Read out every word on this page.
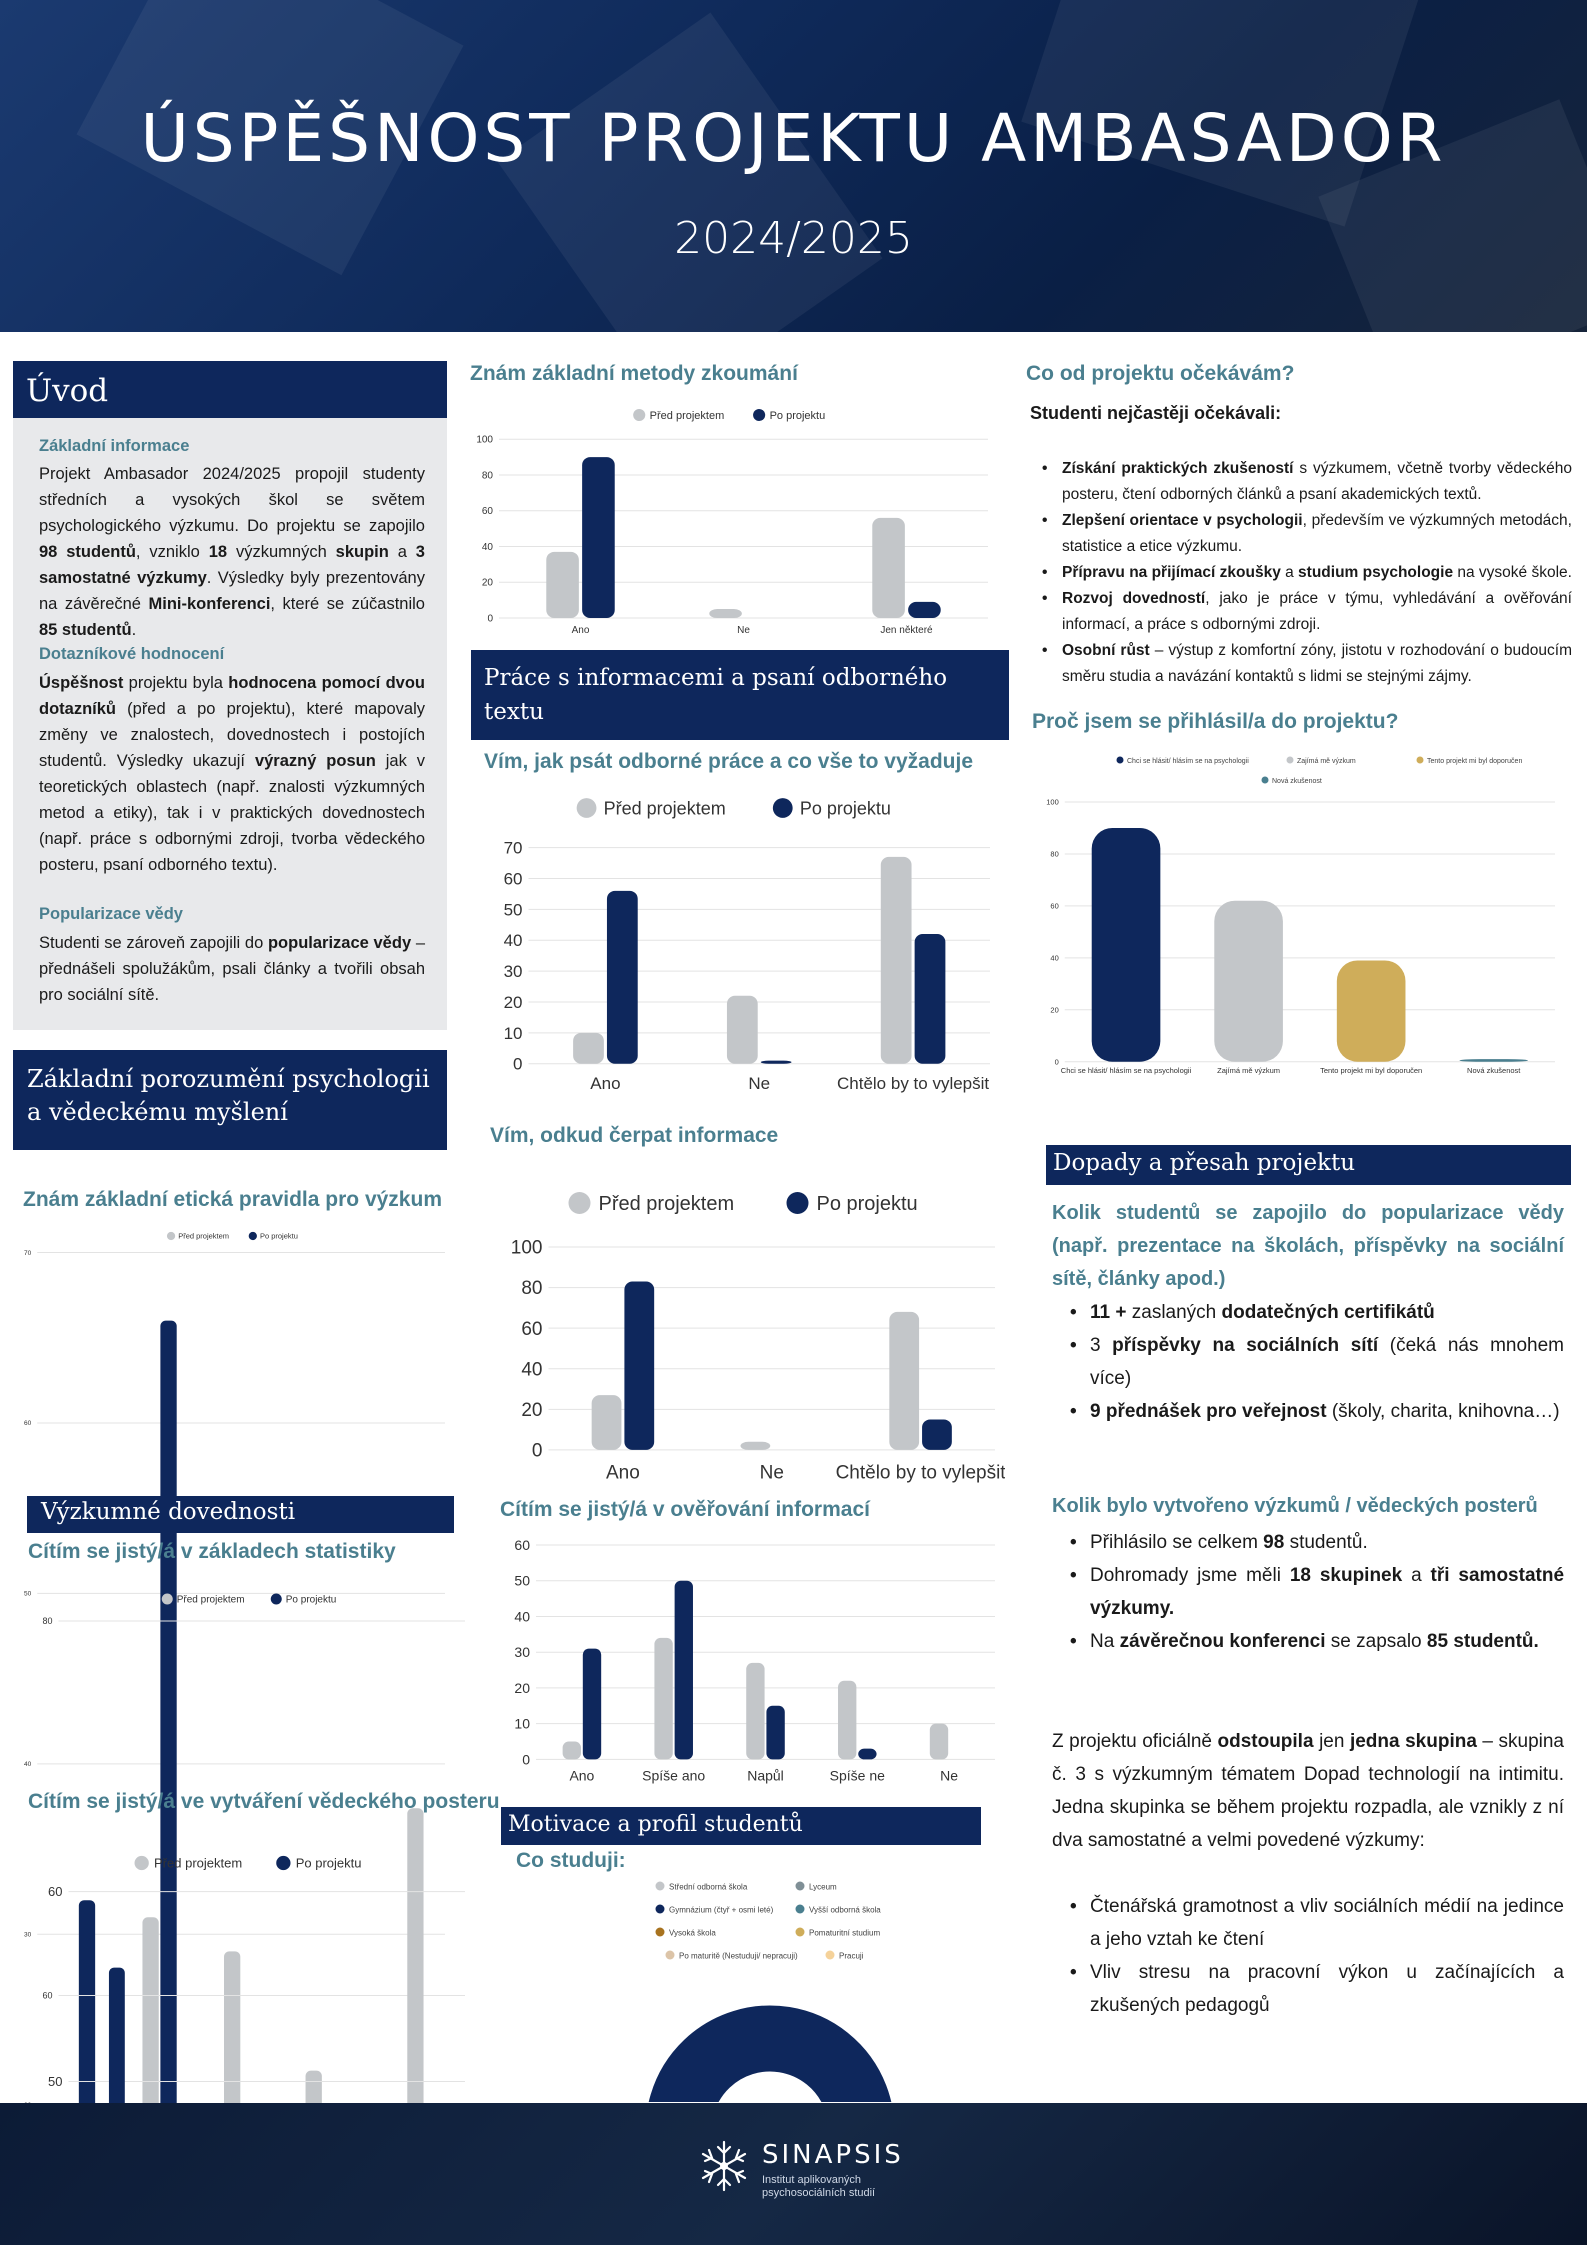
ÚSPĚŠNOST PROJEKTU AMBASADOR
2024/2025
Úvod
Základní informace
Projekt Ambasador 2024/2025 propojil studenty středních a vysokých škol se světem psychologického výzkumu. Do projektu se zapojilo 98 studentů, vzniklo 18 výzkumných skupin a 3 samostatné výzkumy. Výsledky byly prezentovány na závěrečné Mini-konferenci, které se zúčastnilo 85 studentů.
Dotazníkové hodnocení
Úspěšnost projektu byla hodnocena pomocí dvou dotazníků (před a po projektu), které mapovaly změny ve znalostech, dovednostech i postojích studentů. Výsledky ukazují výrazný posun jak v teoretických oblastech (např. znalosti výzkumných metod a etiky), tak i v praktických dovednostech (např. práce s odbornými zdroji, tvorba vědeckého posteru, psaní odborného textu).
Popularizace vědy
Studenti se zároveň zapojili do popularizace vědy – přednášeli spolužákům, psali články a tvořili obsah pro sociální sítě.
Základní porozumění psychologii a vědeckému myšlení
Znám základní etická pravidla pro výzkum
Před projektem	Po projektu
30
40
50
60
70
Výzkumné dovednosti
Cítím se jistý/á v základech statistiky
Před projektem	Po projektu
60
80
Cítím se jistý/á ve vytváření vědeckého posteru
Před projektem	Po projektu
50
60
Znám základní metody zkoumání
Před projektem	Po projektu
0
20
40
60
80
100
Ano	Ne	Jen některé
Práce s informacemi a psaní odborného textu
Vím, jak psát odborné práce a co vše to vyžaduje
Před projektem	Po projektu
0
10
20
30
40
50
60
70
Ano	Ne	Chtělo by to vylepšit
Vím, odkud čerpat informace
Před projektem	Po projektu
0
20
40
60
80
100
Ano	Ne	Chtělo by to vylepšit
Cítím se jistý/á v ověřování informací
0
10
20
30
40
50
60
Ano	Spíše ano	Napůl	Spíše ne	Ne
Motivace a profil studentů
Co studuji:
Střední odborná škola	Lyceum
Gymnázium (čtyř + osmi leté)	Vyšší odborná škola
Vysoká škola	Pomaturitní studium
Po maturitě (Nestuduji/ nepracuji)	Pracuji
Co od projektu očekávám?
Studenti nejčastěji očekávali:
• Získání praktických zkušeností s výzkumem, včetně tvorby vědeckého posteru, čtení odborných článků a psaní akademických textů.
• Zlepšení orientace v psychologii, především ve výzkumných metodách, statistice a etice výzkumu.
• Přípravu na přijímací zkoušky a studium psychologie na vysoké škole.
• Rozvoj dovedností, jako je práce v týmu, vyhledávání a ověřování informací, a práce s odbornými zdroji.
• Osobní růst – výstup z komfortní zóny, jistotu v rozhodování o budoucím směru studia a navázání kontaktů s lidmi se stejnými zájmy.
Proč jsem se přihlásil/a do projektu?
Chci se hlásit/ hlásím se na psychologii	Zajímá mě výzkum	Tento projekt mi byl doporučen
Nová zkušenost
0
20
40
60
80
100
Chci se hlásit/ hlásím se na psychologii	Zajímá mě výzkum	Tento projekt mi byl doporučen	Nová zkušenost
Dopady a přesah projektu
Kolik studentů se zapojilo do popularizace vědy (např. prezentace na školách, příspěvky na sociální sítě, články apod.)
• 11 + zaslaných dodatečných certifikátů
• 3 příspěvky na sociálních sítí (čeká nás mnohem více)
• 9 přednášek pro veřejnost (školy, charita, knihovna…)
Kolik bylo vytvořeno výzkumů / vědeckých posterů
• Přihlásilo se celkem 98 studentů.
• Dohromady jsme měli 18 skupinek a tři samostatné výzkumy.
• Na závěrečnou konferenci se zapsalo 85 studentů.
Z projektu oficiálně odstoupila jen jedna skupina – skupina č. 3 s výzkumným tématem Dopad technologií na intimitu. Jedna skupinka se během projektu rozpadla, ale vznikly z ní dva samostatné a velmi povedené výzkumy:
• Čtenářská gramotnost a vliv sociálních médií na jedince a jeho vztah ke čtení
• Vliv stresu na pracovní výkon u začínajících a zkušených pedagogů
SINAPSIS
Institut aplikovaných psychosociálních studií
